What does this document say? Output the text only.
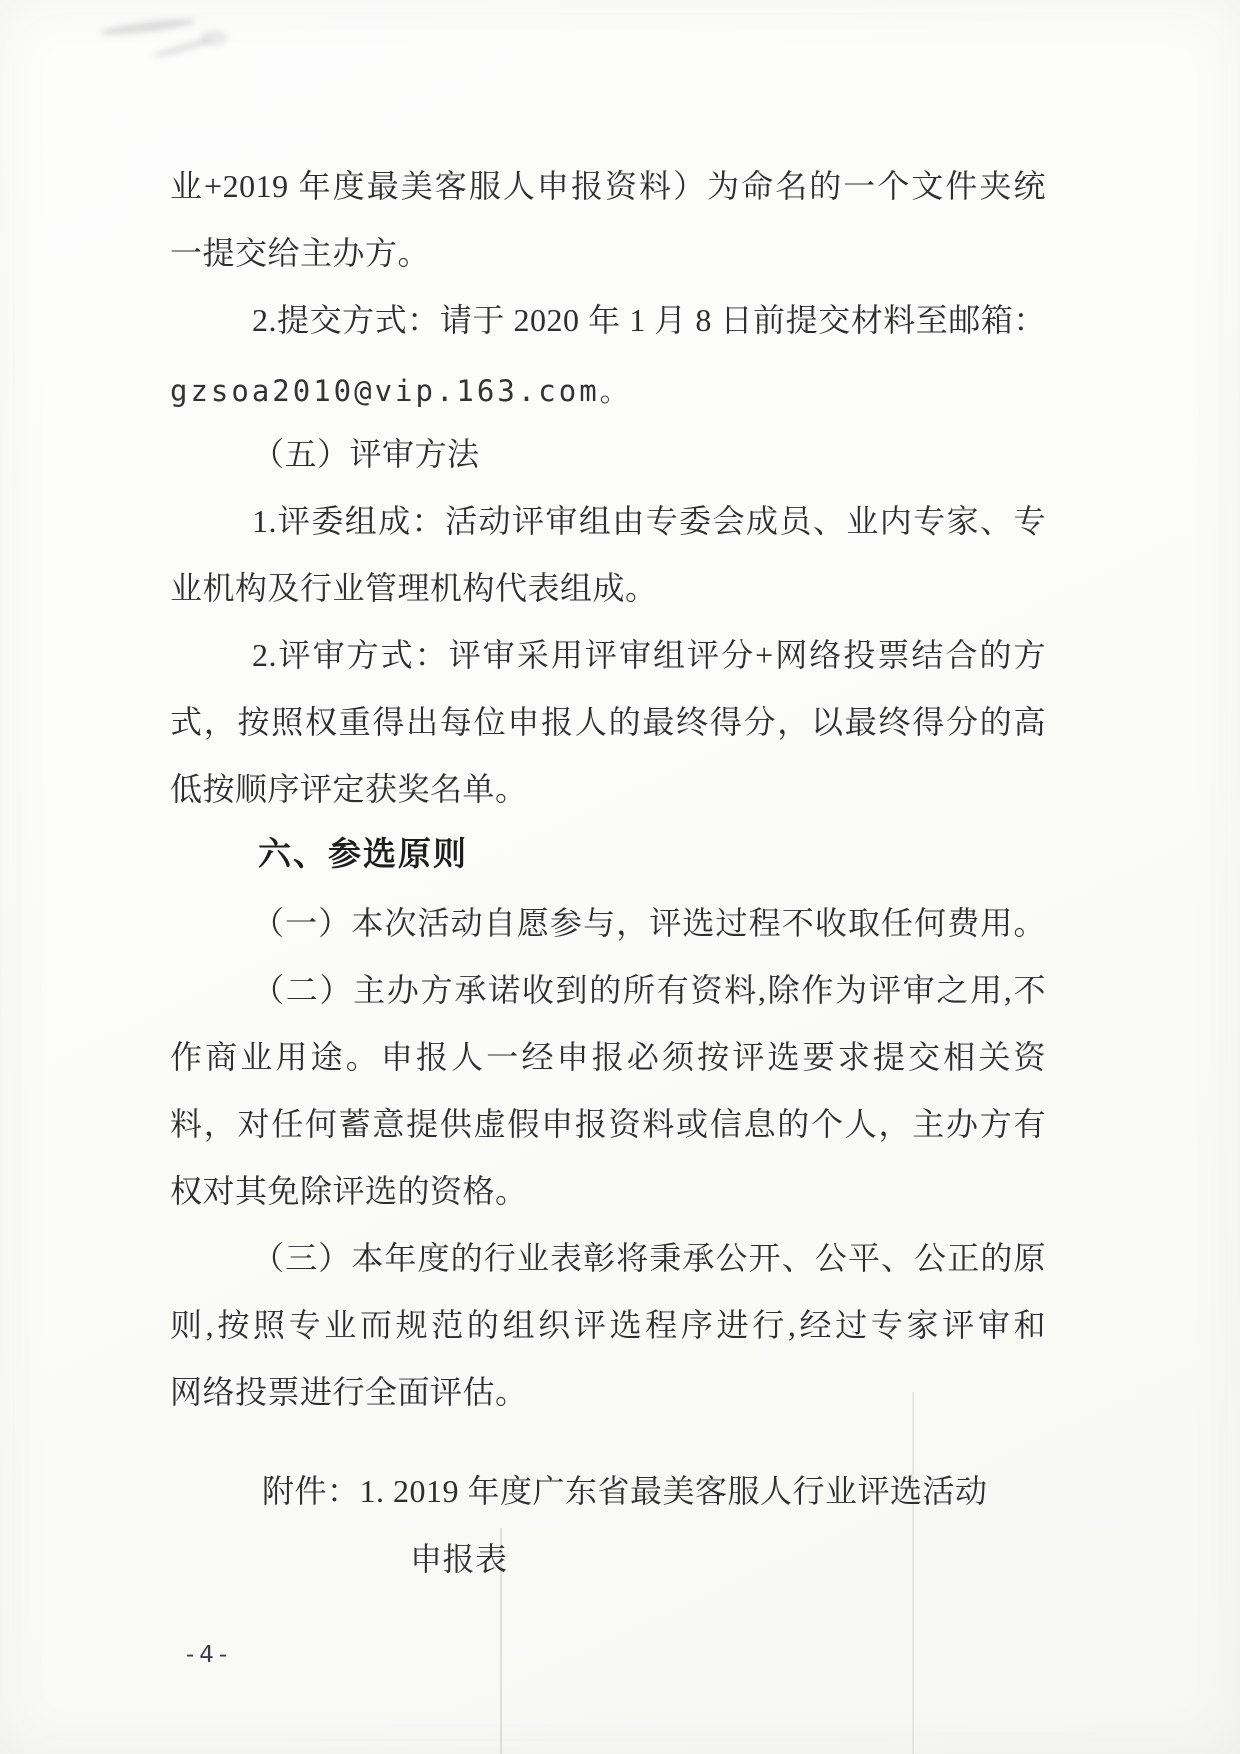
业+2019 年度最美客服人申报资料）为命名的一个文件夹统
一提交给主办方。
2.提交方式：请于 2020 年 1 月 8 日前提交材料至邮箱：
gzsoa2010@vip.163.com。
（五）评审方法
1.评委组成：活动评审组由专委会成员、业内专家、专
业机构及行业管理机构代表组成。
2.评审方式：评审采用评审组评分+网络投票结合的方
式，按照权重得出每位申报人的最终得分，以最终得分的高
低按顺序评定获奖名单。
六、参选原则
（一）本次活动自愿参与，评选过程不收取任何费用。
（二）主办方承诺收到的所有资料,除作为评审之用,不
作商业用途。申报人一经申报必须按评选要求提交相关资
料，对任何蓄意提供虚假申报资料或信息的个人，主办方有
权对其免除评选的资格。
（三）本年度的行业表彰将秉承公开、公平、公正的原
则,按照专业而规范的组织评选程序进行,经过专家评审和
网络投票进行全面评估。
附件：1. 2019 年度广东省最美客服人行业评选活动
申报表
-4-
